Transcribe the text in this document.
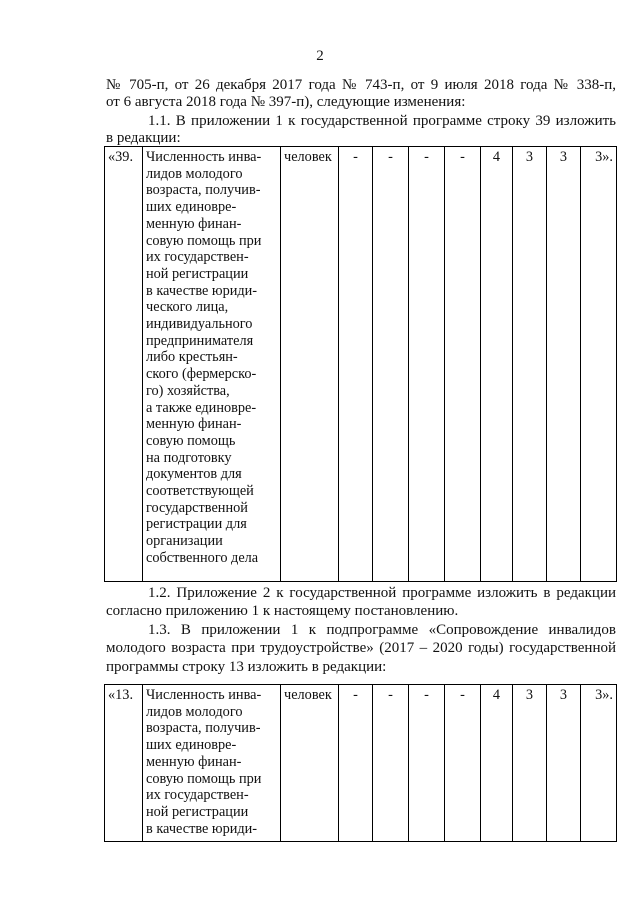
2
№ 705-п, от 26 декабря 2017 года № 743-п, от 9 июля 2018 года № 338-п,
от 6 августа 2018 года № 397-п), следующие изменения:
1.1. В приложении 1 к государственной программе строку 39 изложить
в редакции:
«39.	Численность инва-
лидов молодого
возраста, получив-
ших единовре-
менную финан-
совую помощь при
их государствен-
ной регистрации
в качестве юриди-
ческого лица,
индивидуального
предпринимателя
либо крестьян-
ского (фермерско-
го) хозяйства,
а также единовре-
менную финан-
совую помощь
на подготовку
документов для
соответствующей
государственной
регистрации для
организации
собственного дела
	человек	-	-	-	-	4	3	3	3».
1.2. Приложение 2 к государственной программе изложить в редакции
согласно приложению 1 к настоящему постановлению.
1.3. В приложении 1 к подпрограмме «Сопровождение инвалидов
молодого возраста при трудоустройстве» (2017 – 2020 годы) государственной
программы строку 13 изложить в редакции:
«13.	Численность инва-
лидов молодого
возраста, получив-
ших единовре-
менную финан-
совую помощь при
их государствен-
ной регистрации
в качестве юриди-
	человек	-	-	-	-	4	3	3	3».
